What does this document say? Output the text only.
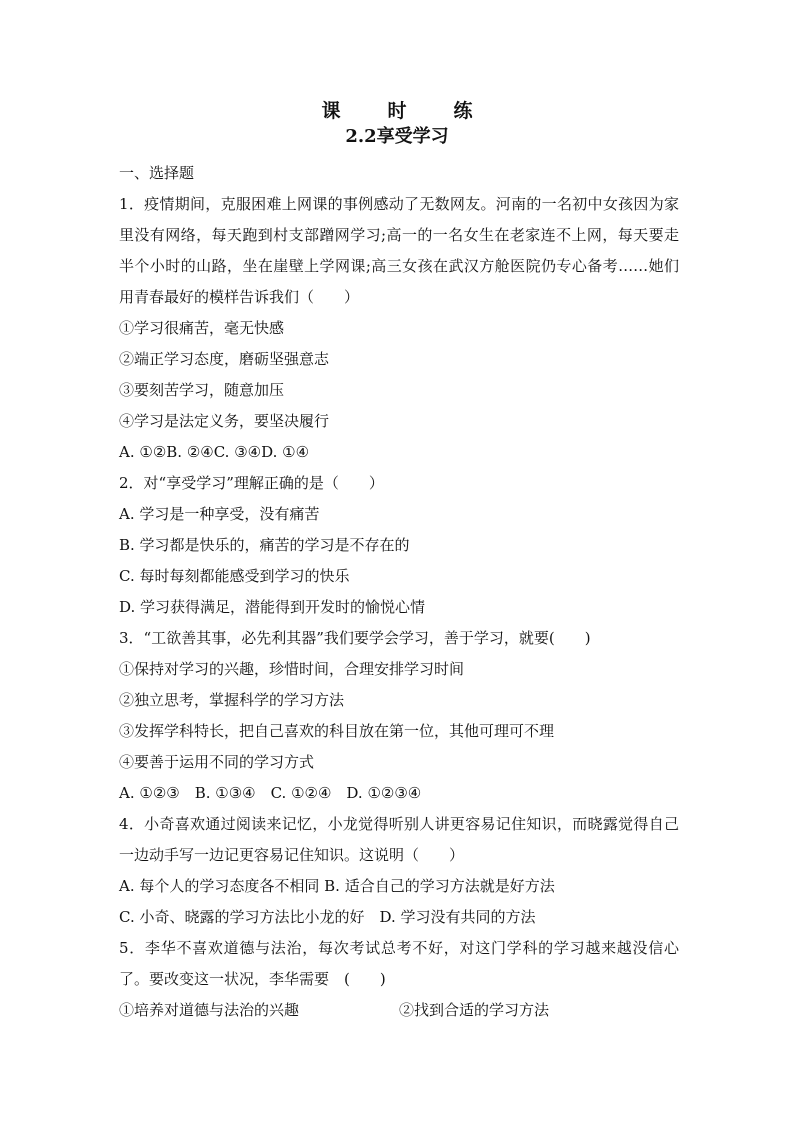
课　时　练
2.2享受学习
一、选择题
1．疫情期间，克服困难上网课的事例感动了无数网友。河南的一名初中女孩因为家里没有网络，每天跑到村支部蹭网学习;高一的一名女生在老家连不上网，每天要走半个小时的山路，坐在崖壁上学网课;高三女孩在武汉方舱医院仍专心备考……她们用青春最好的模样告诉我们（　　）
①学习很痛苦，毫无快感
②端正学习态度，磨砺坚强意志
③要刻苦学习，随意加压
④学习是法定义务，要坚决履行
A. ①②B. ②④C. ③④D. ①④
2．对“享受学习”理解正确的是（　　）
A. 学习是一种享受，没有痛苦
B. 学习都是快乐的，痛苦的学习是不存在的
C. 每时每刻都能感受到学习的快乐
D. 学习获得满足，潜能得到开发时的愉悦心情
3．“工欲善其事，必先利其器”我们要学会学习，善于学习，就要(　　)
①保持对学习的兴趣，珍惜时间，合理安排学习时间
②独立思考，掌握科学的学习方法
③发挥学科特长，把自己喜欢的科目放在第一位，其他可理可不理
④要善于运用不同的学习方式
A. ①②③　B. ①③④　C. ①②④　D. ①②③④
4．小奇喜欢通过阅读来记忆，小龙觉得听别人讲更容易记住知识，而晓露觉得自己一边动手写一边记更容易记住知识。这说明（　　）
A. 每个人的学习态度各不相同 B. 适合自己的学习方法就是好方法
C. 小奇、晓露的学习方法比小龙的好　D. 学习没有共同的方法
5．李华不喜欢道德与法治，每次考试总考不好，对这门学科的学习越来越没信心了。要改变这一状况，李华需要　(　　)
①培养对道德与法治的兴趣	②找到合适的学习方法
